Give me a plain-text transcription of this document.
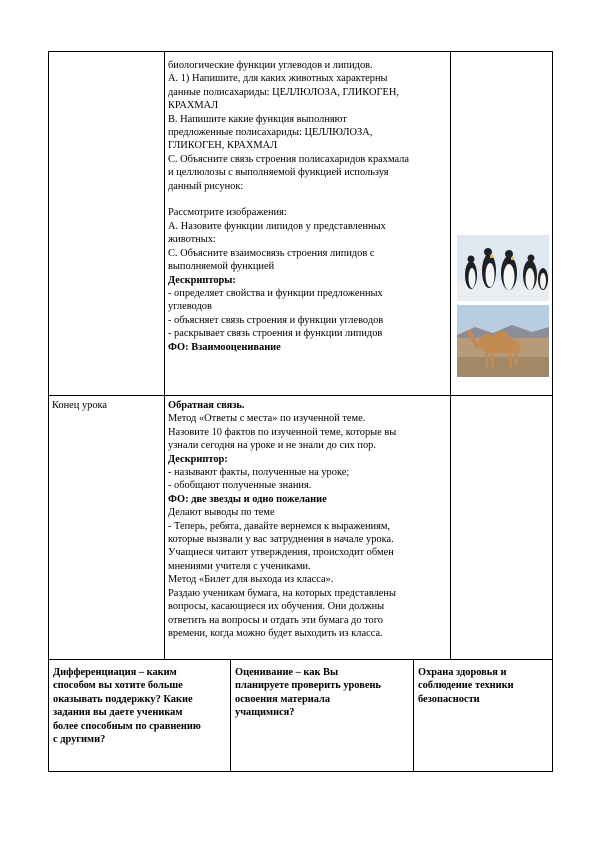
биологические функции углеводов и липидов.
А. 1) Напишите, для каких животных характерны
данные полисахариды: ЦЕЛЛЮЛОЗА, ГЛИКОГЕН,
КРАХМАЛ
В. Напишите какие функция выполняют
предложенные полисахариды: ЦЕЛЛЮЛОЗА,
ГЛИКОГЕН, КРАХМАЛ
С. Объясните связь строения полисахаридов крахмала
и целлюлозы с выполняемой функцией используя
данный рисунок:

Рассмотрите изображения:
А. Назовите функции липидов у представленных
животных:
С. Объясните взаимосвязь строения липидов с
выполняемой функцией
Дескрипторы:
- определяет свойства и функции предложенных
углеводов
- объясняет связь строения и функции углеводов
- раскрывает связь строения и функции липидов
ФО: Взаимооценивание
Конец урока	Обратная связь.
Метод «Ответы с места» по изученной теме.
Назовите 10 фактов по изученной теме, которые вы
узнали сегодня на уроке и не знали до сих пор.
Дескриптор:
- называют факты, полученные на уроке;
- обобщают полученные знания.
ФО: две звезды и одно пожелание
Делают выводы по теме
- Теперь, ребята, давайте вернемся к выражениям,
которые вызвали у вас затруднения в начале урока.
Учащиеся читают утверждения, происходит обмен
мнениями учителя с учениками.
Метод «Билет для выхода из класса».
Раздаю ученикам бумага, на которых представлены
вопросы, касающиеся их обучения. Они должны
ответить на вопросы и отдать эти бумага до того
времени, когда можно будет выходить из класса.
Дифференциация – каким
способом вы хотите больше
оказывать поддержку? Какие
задания вы даете ученикам
более способным по сравнению
с другими?
Оценивание – как Вы
планируете проверить уровень
освоения материала
учащимися?
Охрана здоровья и
соблюдение техники
безопасности
